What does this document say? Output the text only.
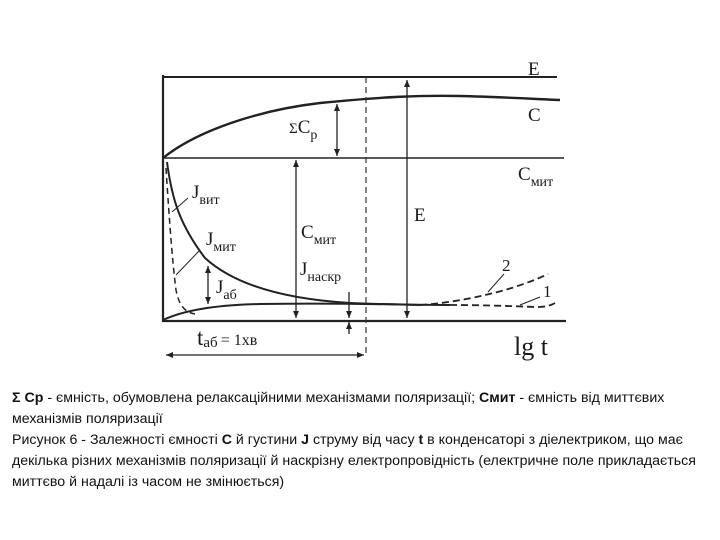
E
C
$C_{мит}$
$\Sigma C_р$
E
$J_{вит}$
$J_{мит}$
$J_{аб}$
$C_{мит}$
$J_{наскр}$
2
1
tаб = 1хв	lg t

Σ Cр - ємність, обумовлена релаксаційними механізмами поляризації; Смит - ємність від миттєвих механізмів поляризації

Рисунок 6 - Залежності ємності С й густини J струму від часу t в конденсаторі з діелектриком, що має декілька різних механізмів поляризації й наскрізну електропровідність (електричне поле прикладається миттєво й надалі із часом не змінюється)
